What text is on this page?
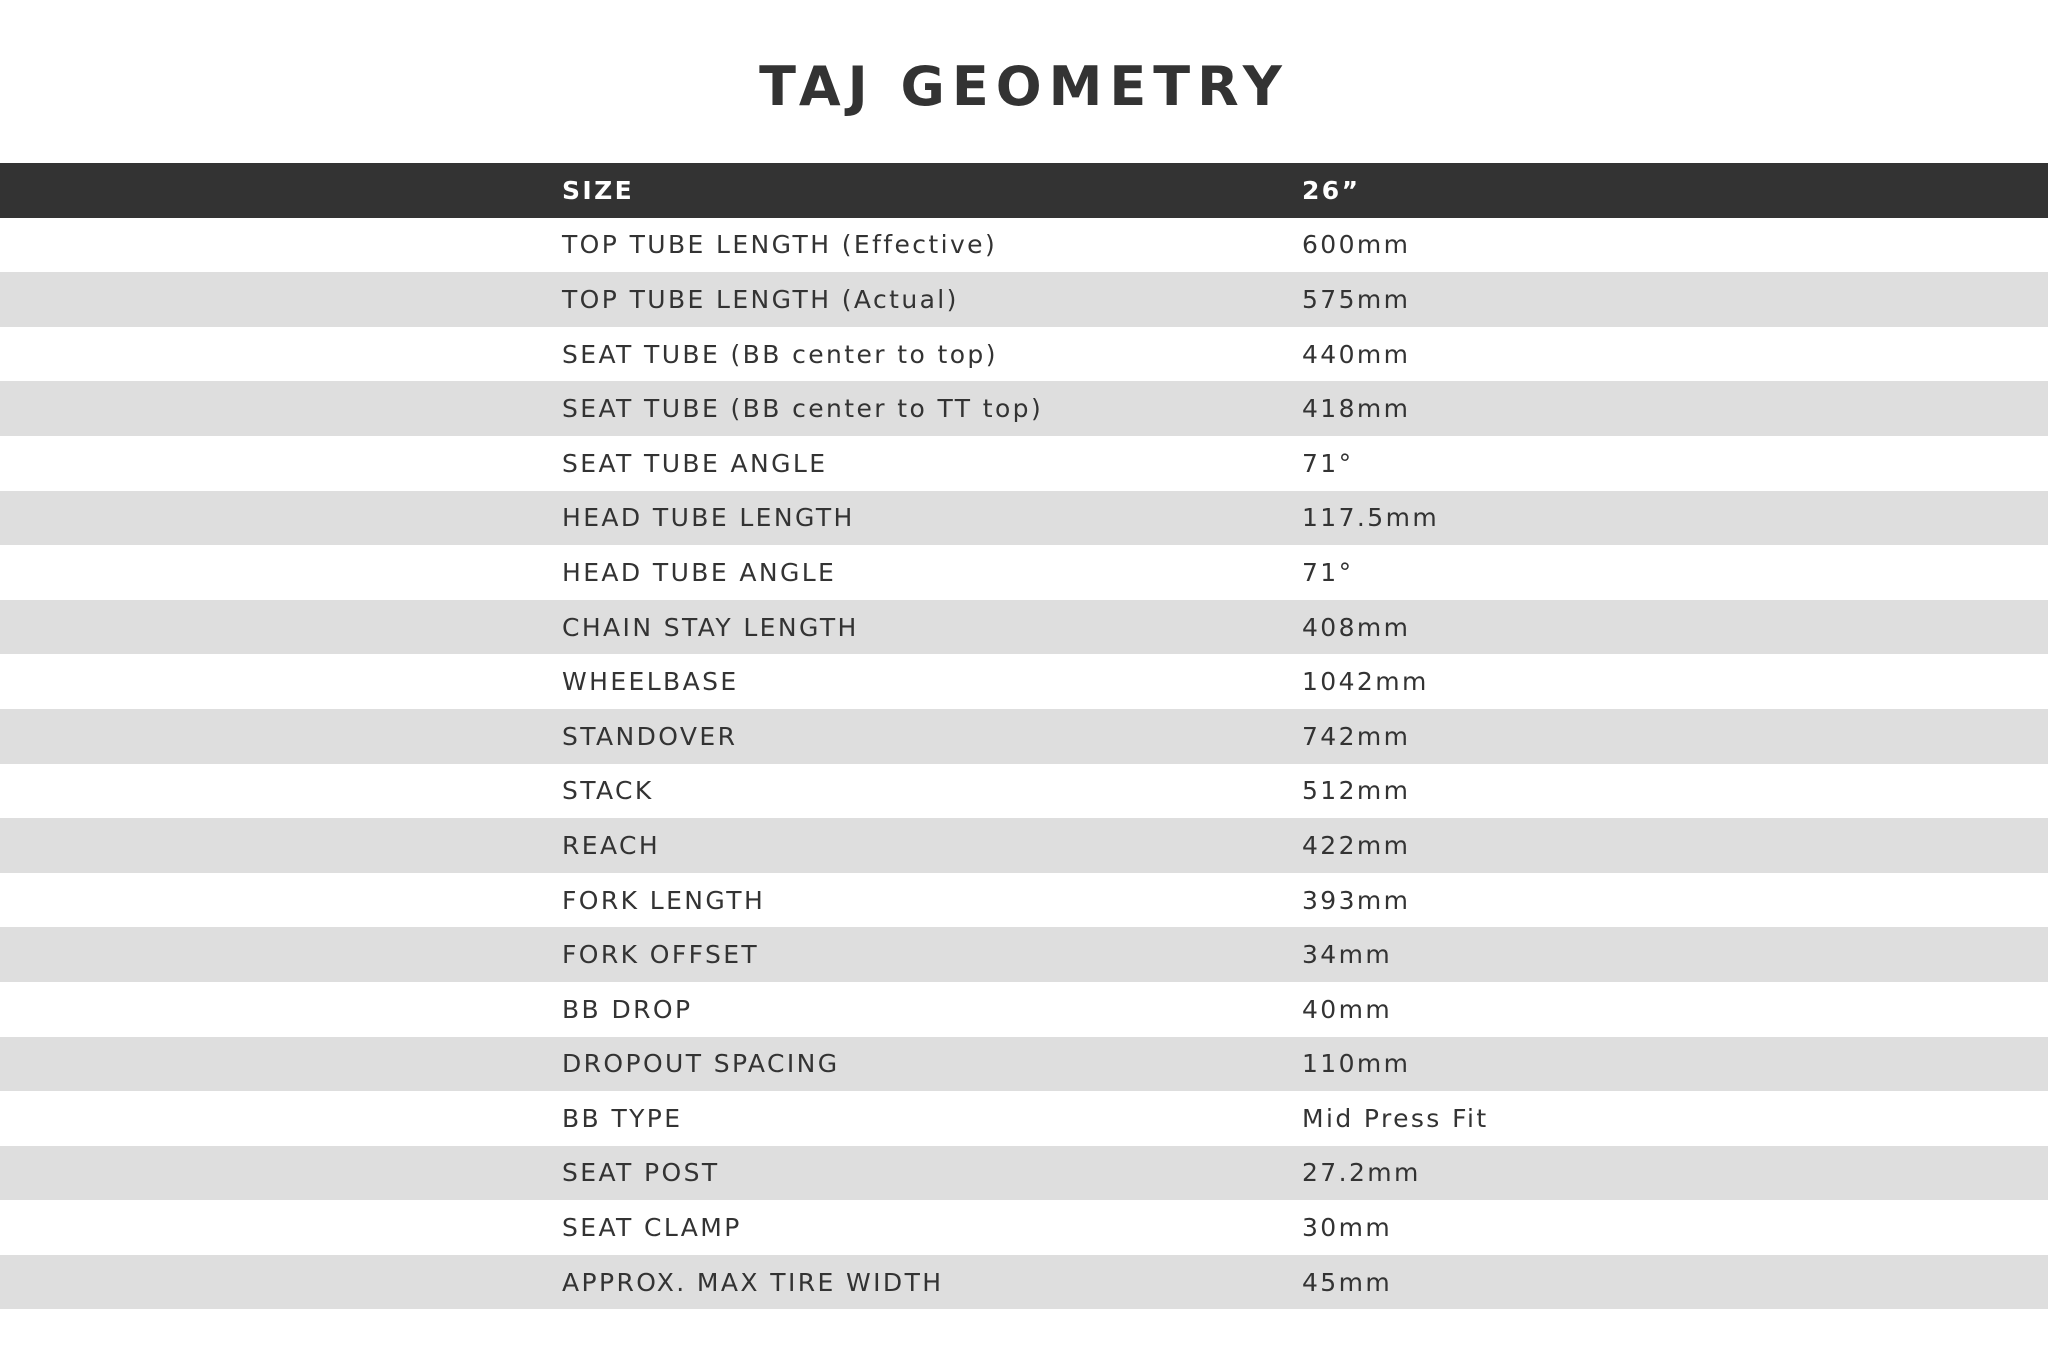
TAJ GEOMETRY
SIZE	26”
TOP TUBE LENGTH (Effective)	600mm
TOP TUBE LENGTH (Actual)	575mm
SEAT TUBE (BB center to top)	440mm
SEAT TUBE (BB center to TT top)	418mm
SEAT TUBE ANGLE	71°
HEAD TUBE LENGTH	117.5mm
HEAD TUBE ANGLE	71°
CHAIN STAY LENGTH	408mm
WHEELBASE	1042mm
STANDOVER	742mm
STACK	512mm
REACH	422mm
FORK LENGTH	393mm
FORK OFFSET	34mm
BB DROP	40mm
DROPOUT SPACING	110mm
BB TYPE	Mid Press Fit
SEAT POST	27.2mm
SEAT CLAMP	30mm
APPROX. MAX TIRE WIDTH	45mm
